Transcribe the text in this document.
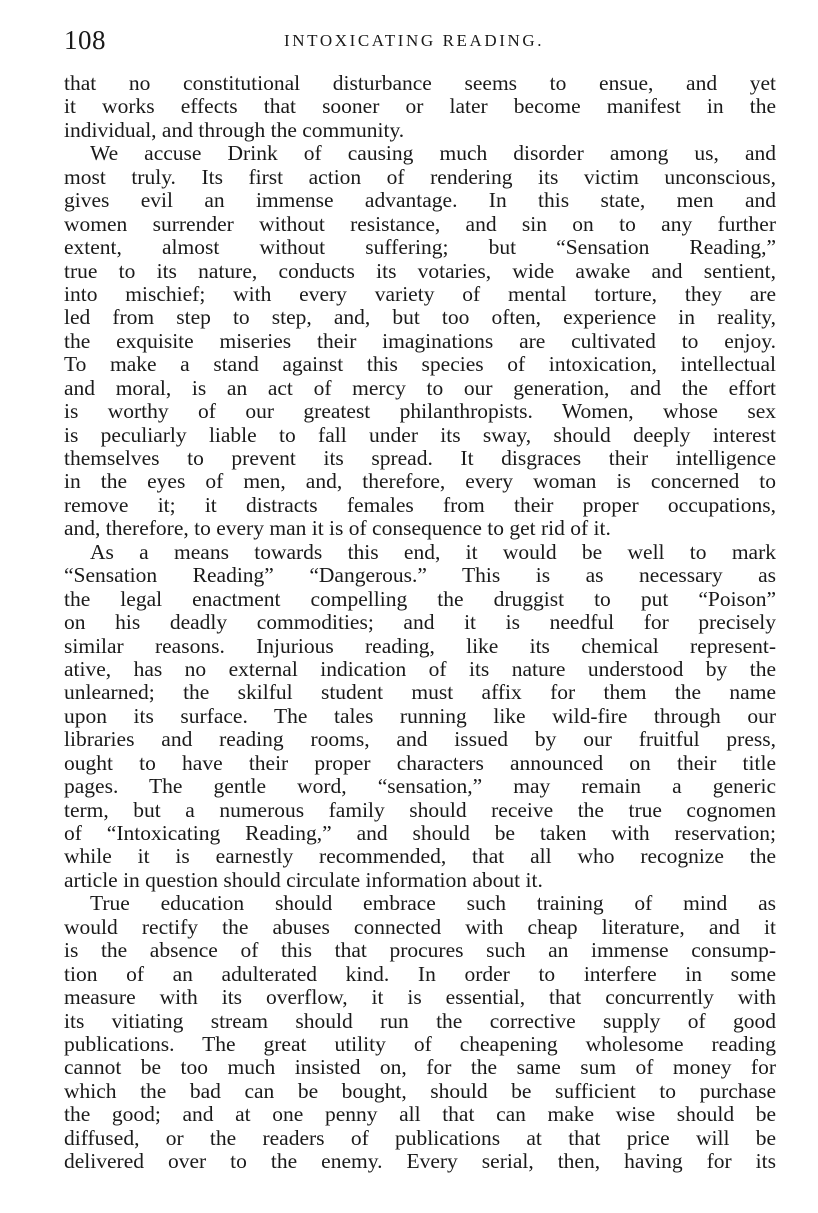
108	INTOXICATING READING.
that no constitutional disturbance seems to ensue, and yet
it works effects that sooner or later become manifest in the
individual, and through the community.
We accuse Drink of causing much disorder among us, and
most truly. Its first action of rendering its victim unconscious,
gives evil an immense advantage. In this state, men and
women surrender without resistance, and sin on to any further
extent, almost without suffering; but “Sensation Reading,”
true to its nature, conducts its votaries, wide awake and sentient,
into mischief; with every variety of mental torture, they are
led from step to step, and, but too often, experience in reality,
the exquisite miseries their imaginations are cultivated to enjoy.
To make a stand against this species of intoxication, intellectual
and moral, is an act of mercy to our generation, and the effort
is worthy of our greatest philanthropists. Women, whose sex
is peculiarly liable to fall under its sway, should deeply interest
themselves to prevent its spread. It disgraces their intelligence
in the eyes of men, and, therefore, every woman is concerned to
remove it; it distracts females from their proper occupations,
and, therefore, to every man it is of consequence to get rid of it.
As a means towards this end, it would be well to mark
“Sensation Reading” “Dangerous.” This is as necessary as
the legal enactment compelling the druggist to put “Poison”
on his deadly commodities; and it is needful for precisely
similar reasons. Injurious reading, like its chemical represent-
ative, has no external indication of its nature understood by the
unlearned; the skilful student must affix for them the name
upon its surface. The tales running like wild-fire through our
libraries and reading rooms, and issued by our fruitful press,
ought to have their proper characters announced on their title
pages. The gentle word, “sensation,” may remain a generic
term, but a numerous family should receive the true cognomen
of “Intoxicating Reading,” and should be taken with reservation;
while it is earnestly recommended, that all who recognize the
article in question should circulate information about it.
True education should embrace such training of mind as
would rectify the abuses connected with cheap literature, and it
is the absence of this that procures such an immense consump-
tion of an adulterated kind. In order to interfere in some
measure with its overflow, it is essential, that concurrently with
its vitiating stream should run the corrective supply of good
publications. The great utility of cheapening wholesome reading
cannot be too much insisted on, for the same sum of money for
which the bad can be bought, should be sufficient to purchase
the good; and at one penny all that can make wise should be
diffused, or the readers of publications at that price will be
delivered over to the enemy. Every serial, then, having for its
